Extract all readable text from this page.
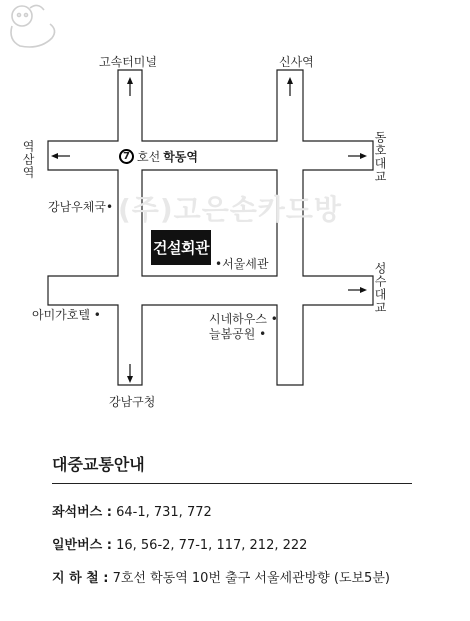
(주)고은손카드방
고속터미널	신사역
역삼역	동호대교
성수대교
7 호선 학동역
강남우체국•
건설회관
•서울세관
아미가호텔 •	시네하우스 •
늘봄공원 •
강남구청
대중교통안내
좌석버스 : 64-1, 731, 772
일반버스 : 16, 56-2, 77-1, 117, 212, 222
지 하 철 : 7호선 학동역 10번 출구 서울세관방향 (도보5분)
